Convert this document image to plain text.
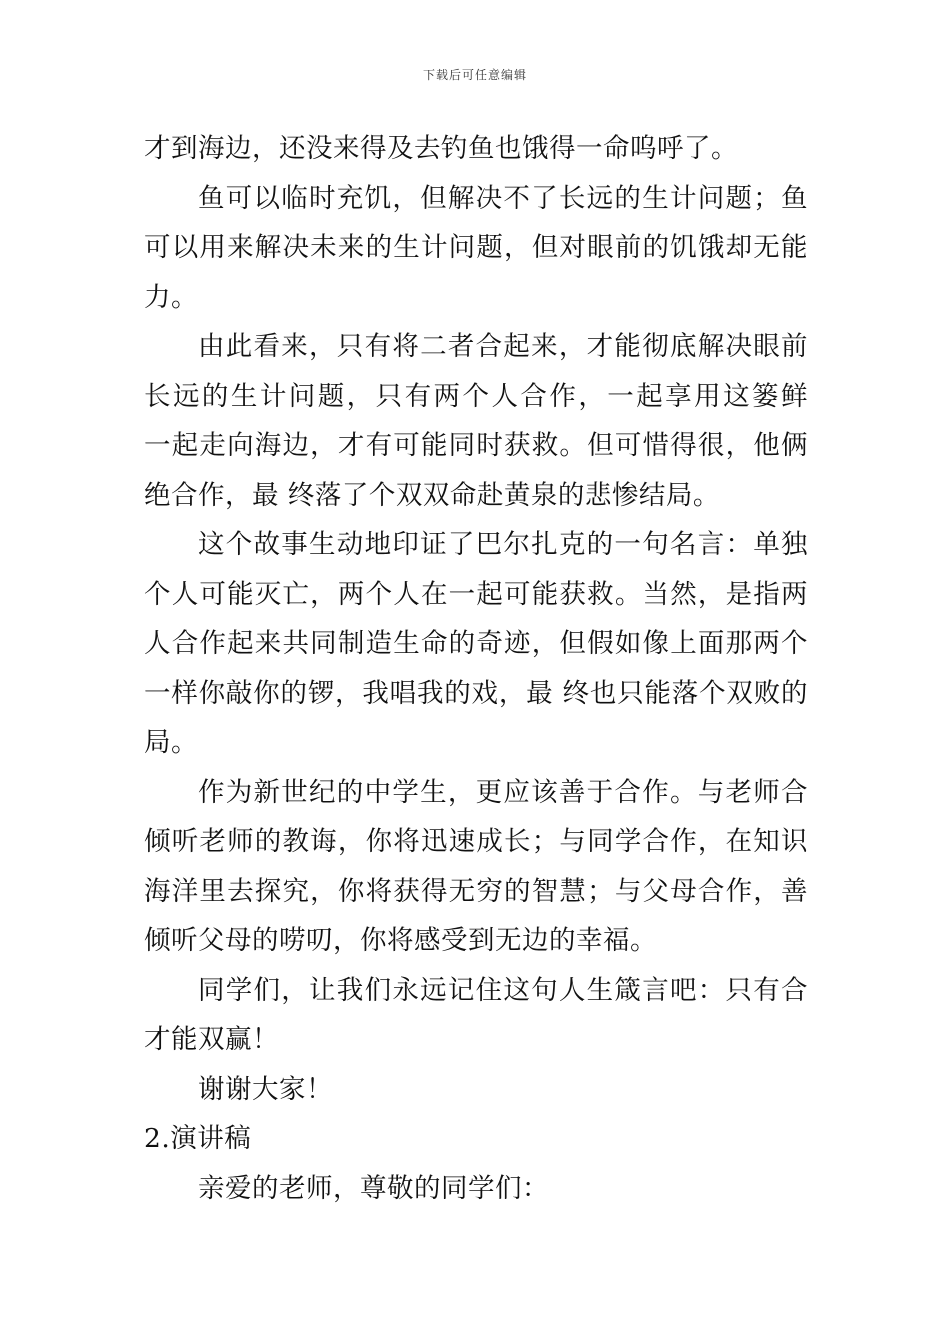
下载后可任意编辑
才到海边，还没来得及去钓鱼也饿得一命呜呼了。
鱼可以临时充饥，但解决不了长远的生计问题；鱼
可以用来解决未来的生计问题，但对眼前的饥饿却无能
力。
由此看来，只有将二者合起来，才能彻底解决眼前
长远的生计问题，只有两个人合作，一起享用这篓鲜
一起走向海边，才有可能同时获救。但可惜得很，他俩
绝合作，最 终落了个双双命赴黄泉的悲惨结局。
这个故事生动地印证了巴尔扎克的一句名言：单独
个人可能灭亡，两个人在一起可能获救。当然，是指两
人合作起来共同制造生命的奇迹，但假如像上面那两个
一样你敲你的锣，我唱我的戏，最 终也只能落个双败的
局。
作为新世纪的中学生，更应该善于合作。与老师合
倾听老师的教诲，你将迅速成长；与同学合作，在知识
海洋里去探究，你将获得无穷的智慧；与父母合作，善
倾听父母的唠叨，你将感受到无边的幸福。
同学们，让我们永远记住这句人生箴言吧：只有合
才能双赢！
谢谢大家！
2.演讲稿
亲爱的老师，尊敬的同学们：
